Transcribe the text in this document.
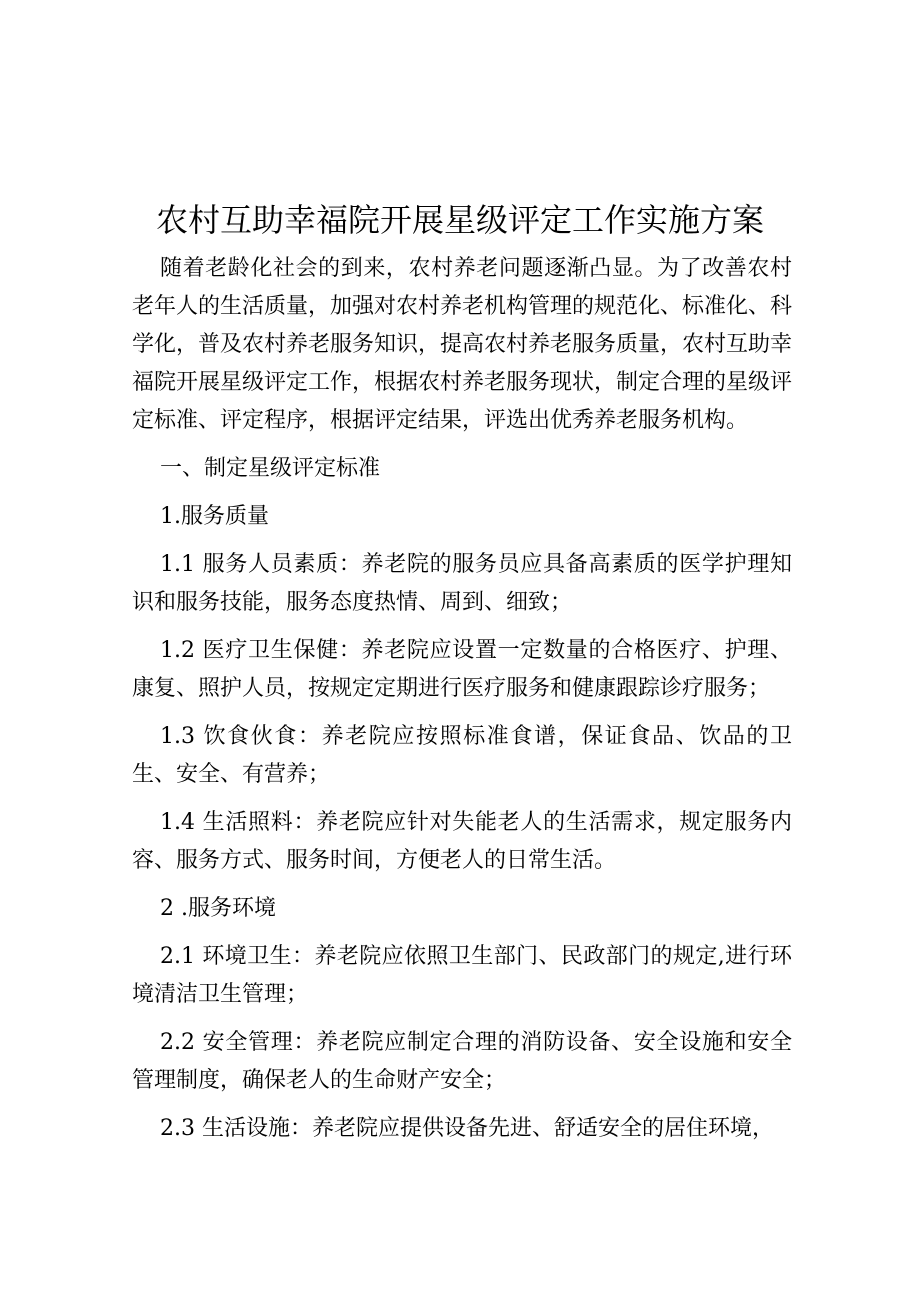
农村互助幸福院开展星级评定工作实施方案

随着老龄化社会的到来，农村养老问题逐渐凸显。为了改善农村老年人的生活质量，加强对农村养老机构管理的规范化、标准化、科学化，普及农村养老服务知识，提高农村养老服务质量，农村互助幸福院开展星级评定工作，根据农村养老服务现状，制定合理的星级评定标准、评定程序，根据评定结果，评选出优秀养老服务机构。

一、制定星级评定标准

1.服务质量

1.1 服务人员素质：养老院的服务员应具备高素质的医学护理知识和服务技能，服务态度热情、周到、细致；

1.2 医疗卫生保健：养老院应设置一定数量的合格医疗、护理、康复、照护人员，按规定定期进行医疗服务和健康跟踪诊疗服务；

1.3 饮食伙食：养老院应按照标准食谱，保证食品、饮品的卫生、安全、有营养；

1.4 生活照料：养老院应针对失能老人的生活需求，规定服务内容、服务方式、服务时间，方便老人的日常生活。

2 .服务环境

2.1 环境卫生：养老院应依照卫生部门、民政部门的规定,进行环境清洁卫生管理；

2.2 安全管理：养老院应制定合理的消防设备、安全设施和安全管理制度，确保老人的生命财产安全；

2.3 生活设施：养老院应提供设备先进、舒适安全的居住环境，
